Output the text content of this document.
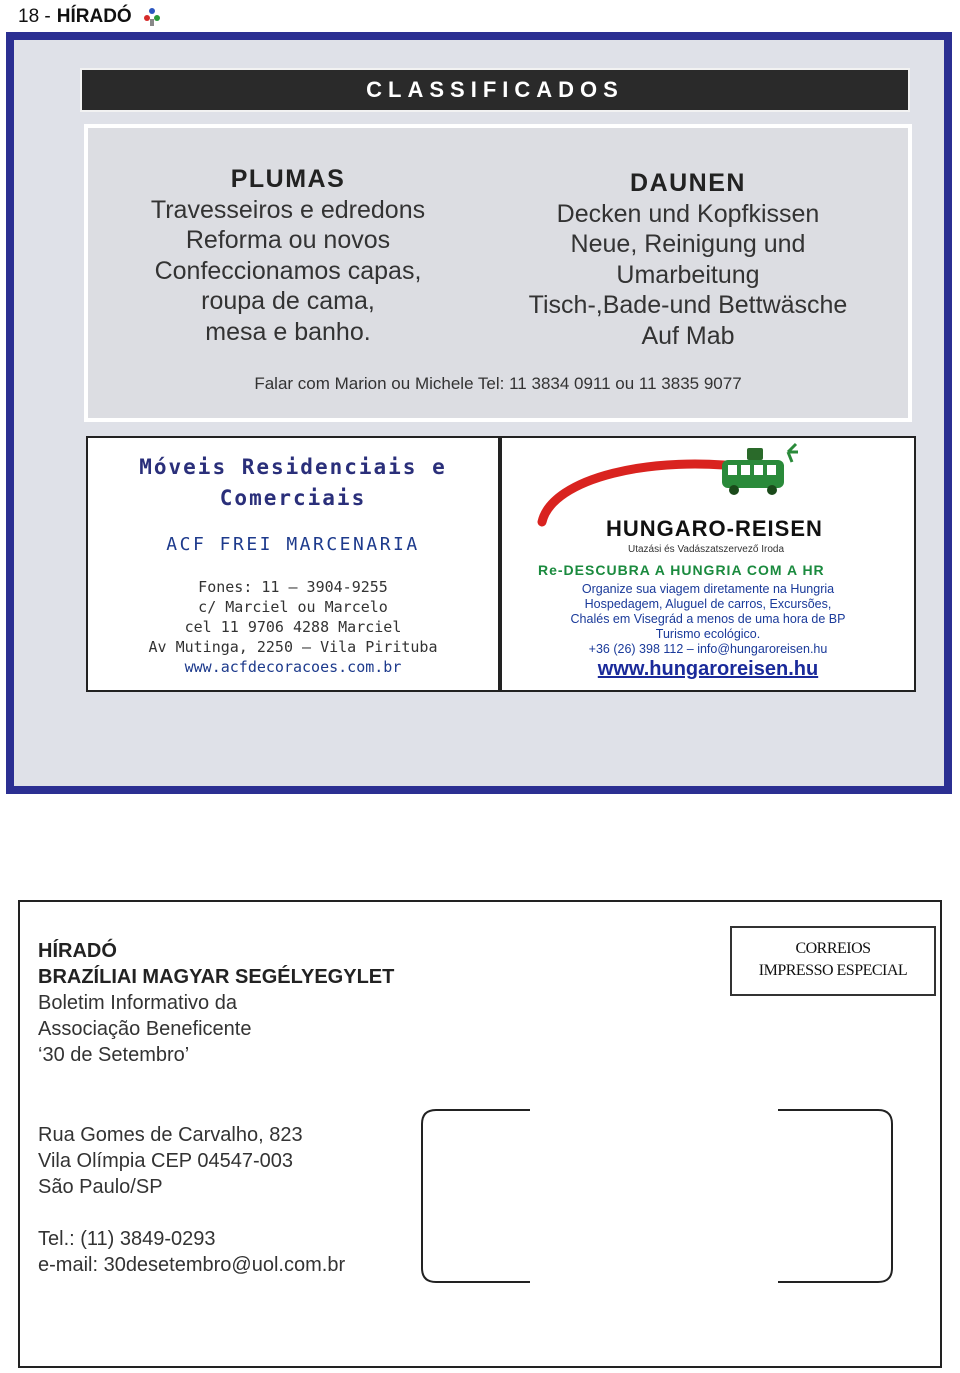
18 - HÍRADÓ
CLASSIFICADOS
PLUMAS
Travesseiros e edredons
Reforma ou novos
Confeccionamos capas,
roupa de cama,
mesa e banho.
DAUNEN
Decken und Kopfkissen
Neue, Reinigung und
Umarbeitung
Tisch-,Bade-und Bettwäsche
Auf Mab
Falar com Marion ou Michele Tel: 11 3834 0911 ou 11 3835 9077
Móveis Residenciais e
Comerciais
ACF FREI MARCENARIA
Fones: 11 – 3904-9255
c/ Marciel ou Marcelo
cel 11 9706 4288 Marciel
Av Mutinga, 2250 – Vila Pirituba
www.acfdecoracoes.com.br
HUNGARO-REISEN
Utazási és Vadászatszervező Iroda
Re-DESCUBRA A HUNGRIA COM A HR
Organize sua viagem diretamente na Hungria
Hospedagem, Aluguel de carros, Excursões,
Chalés em Visegrád a menos de uma hora de BP
Turismo ecológico.
+36 (26) 398 112 – info@hungaroreisen.hu
www.hungaroreisen.hu
HÍRADÓ
BRAZÍLIAI MAGYAR SEGÉLYEGYLET
Boletim Informativo da
Associação Beneficente
‘30 de Setembro’
CORREIOS
IMPRESSO ESPECIAL
Rua Gomes de Carvalho, 823
Vila Olímpia CEP 04547-003
São Paulo/SP
Tel.: (11) 3849-0293
e-mail: 30desetembro@uol.com.br
